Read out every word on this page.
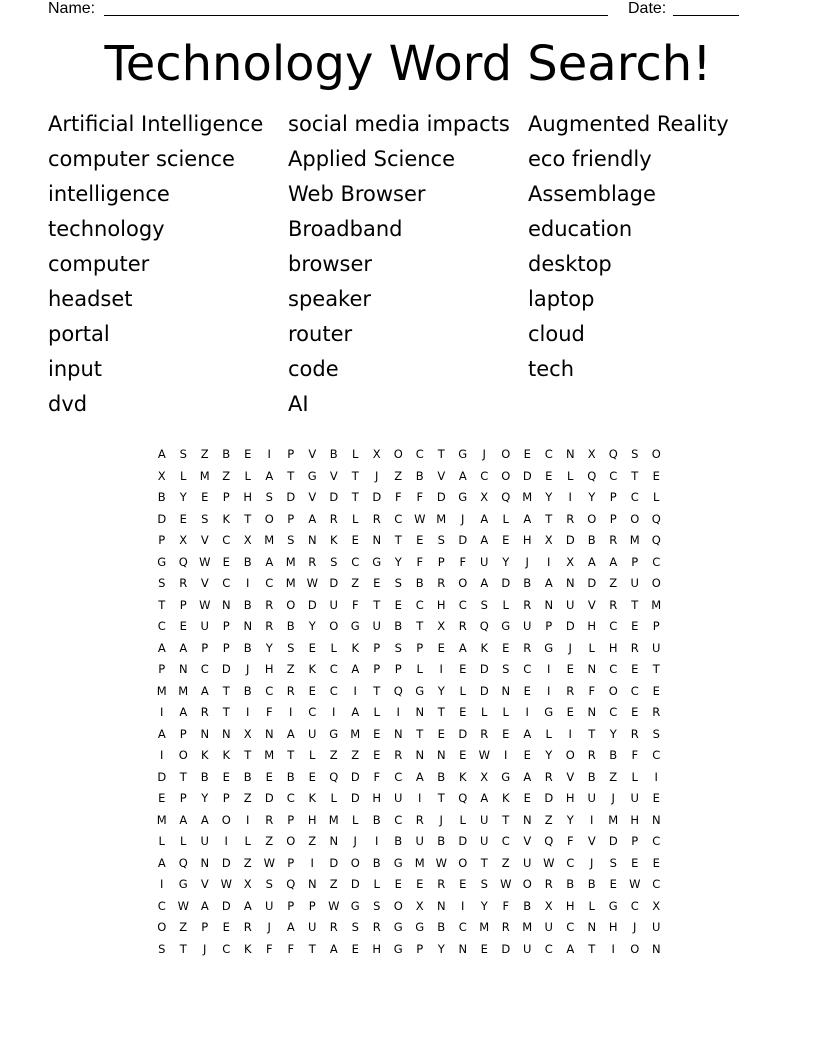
Name:	Date:
Technology Word Search!
Artificial Intelligence
computer science
intelligence
technology
computer
headset
portal
input
dvd
social media impacts
Applied Science
Web Browser
Broadband
browser
speaker
router
code
AI
Augmented Reality
eco friendly
Assemblage
education
desktop
laptop
cloud
tech
A	S	Z	B	E	I	P	V	B	L	X	O	C	T	G	J	O	E	C	N	X	Q	S	O
X	L	M	Z	L	A	T	G	V	T	J	Z	B	V	A	C	O	D	E	L	Q	C	T	E
B	Y	E	P	H	S	D	V	D	T	D	F	F	D	G	X	Q	M	Y	I	Y	P	C	L
D	E	S	K	T	O	P	A	R	L	R	C	W M	J	A	L	A	T	R	O	P	O	Q
P	X	V	C	X	M	S	N	K	E	N	T	E	S	D	A	E	H	X	D	B	R	M	Q
G	Q W	E	B	A	M	R	S	C	G	Y	F	P	F	U	Y	J	I	X	A	A	P	C
S	R	V	C	I	C	M W D	Z	E	S	B	R	O	A	D	B	A	N	D	Z	U	O
T	P	W	N	B	R	O	D	U	F	T	E	C	H	C	S	L	R	N	U	V	R	T	M
C	E	U	P	N	R	B	Y	O	G	U	B	T	X	R	Q	G	U	P	D	H	C	E	P
A	A	P	P	B	Y	S	E	L	K	P	S	P	E	A	K	E	R	G	J	L	H	R	U
P	N	C	D	J	H	Z	K	C	A	P	P	L	I	E	D	S	C	I	E	N	C	E	T
M	M	A	T	B	C	R	E	C	I	T	Q	G	Y	L	D	N	E	I	R	F	O	C	E
I	A	R	T	I	F	I	C	I	A	L	I	N	T	E	L	L	I	G	E	N	C	E	R
A	P	N	N	X	N	A	U	G	M	E	N	T	E	D	R	E	A	L	I	T	Y	R	S
I	O	K	K	T	M	T	L	Z	Z	E	R	N	N	E	W	I	E	Y	O	R	B	F	C
D	T	B	E	B	E	B	E	Q	D	F	C	A	B	K	X	G	A	R	V	B	Z	L	I
E	P	Y	P	Z	D	C	K	L	D	H	U	I	T	Q	A	K	E	D	H	U	J	U	E
M	A	A	O	I	R	P	H	M	L	B	C	R	J	L	U	T	N	Z	Y	I	M	H	N
L	L	U	I	L	Z	O	Z	N	J	I	B	U	B	D	U	C	V	Q	F	V	D	P	C
A	Q	N	D	Z	W	P	I	D	O	B	G	M W O	T	Z	U	W	C	J	S	E	E
I	G	V	W	X	S	Q	N	Z	D	L	E	E	R	E	S	W O	R	B	B	E	W	C
C	W	A	D	A	U	P	P	W G	S	O	X	N	I	Y	F	B	X	H	L	G	C	X
O	Z	P	E	R	J	A	U	R	S	R	G	G	B	C	M	R	M	U	C	N	H	J	U
S	T	J	C	K	F	F	T	A	E	H	G	P	Y	N	E	D	U	C	A	T	I	O	N
